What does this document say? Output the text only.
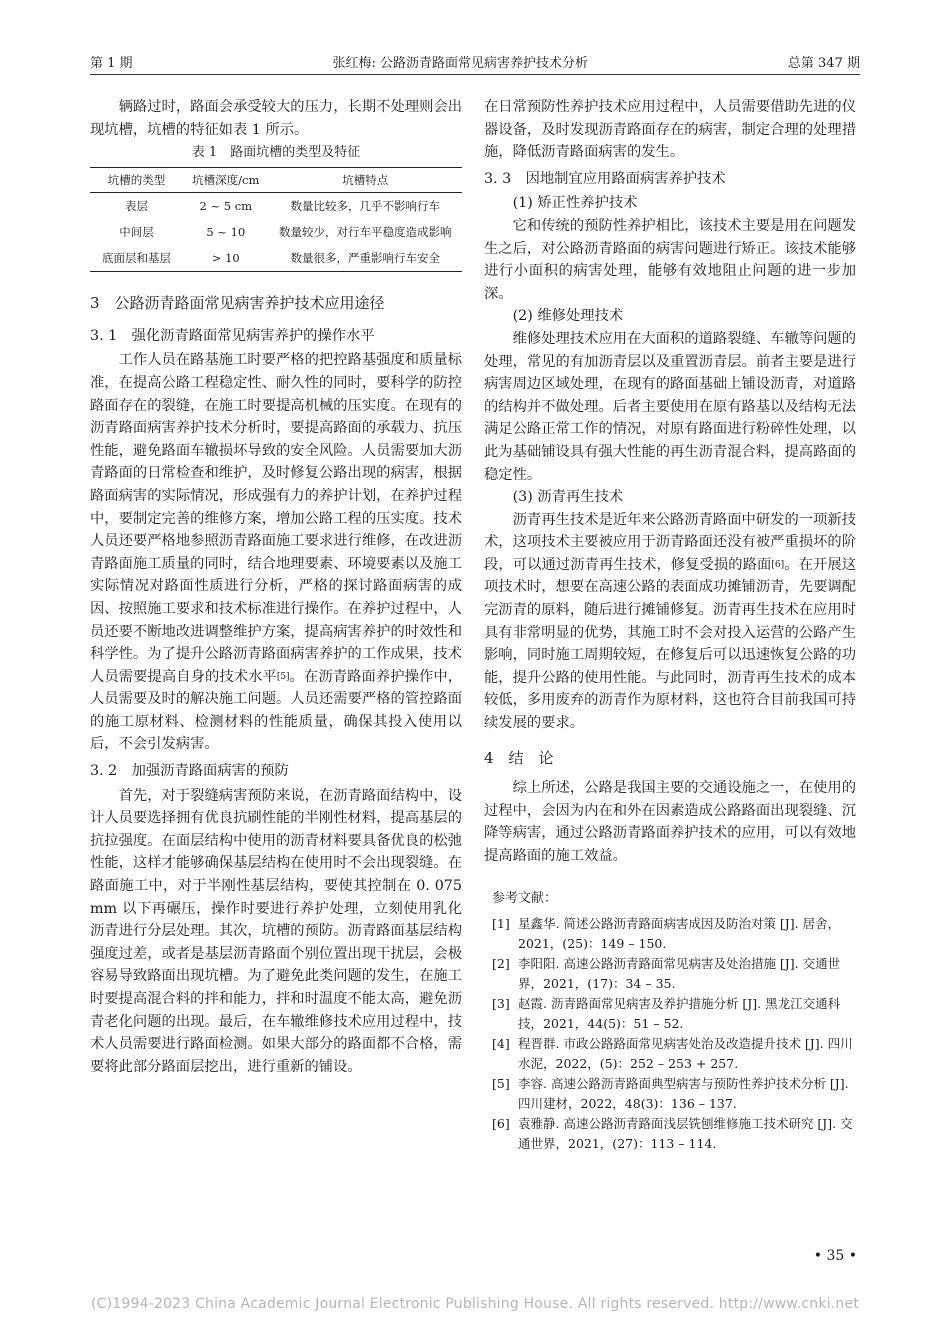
第 1 期	张红梅: 公路沥青路面常见病害养护技术分析	总第 347 期

辆路过时，路面会承受较大的压力，长期不处理则会出现坑槽，坑槽的特征如表 1 所示。

表 1　路面坑槽的类型及特征
坑槽的类型	坑槽深度/cm	坑槽特点
表层	2 ~ 5 cm	数量比较多，几乎不影响行车
中间层	5 ~ 10	数量较少，对行车平稳度造成影响
底面层和基层	> 10	数量很多，严重影响行车安全
3　公路沥青路面常见病害养护技术应用途径
3. 1　强化沥青路面常见病害养护的操作水平

工作人员在路基施工时要严格的把控路基强度和质量标准，在提高公路工程稳定性、耐久性的同时，要科学的防控路面存在的裂缝，在施工时要提高机械的压实度。在现有的沥青路面病害养护技术分析时，要提高路面的承载力、抗压性能，避免路面车辙损坏导致的安全风险。人员需要加大沥青路面的日常检查和维护，及时修复公路出现的病害，根据路面病害的实际情况，形成强有力的养护计划，在养护过程中，要制定完善的维修方案，增加公路工程的压实度。技术人员还要严格地参照沥青路面施工要求进行维修，在改进沥青路面施工质量的同时，结合地理要素、环境要素以及施工实际情况对路面性质进行分析，严格的探讨路面病害的成因、按照施工要求和技术标准进行操作。在养护过程中，人员还要不断地改进调整维护方案，提高病害养护的时效性和科学性。为了提升公路沥青路面病害养护的工作成果，技术人员需要提高自身的技术水平[5]。在沥青路面养护操作中，人员需要及时的解决施工问题。人员还需要严格的管控路面的施工原材料、检测材料的性能质量，确保其投入使用以后，不会引发病害。

3. 2　加强沥青路面病害的预防

首先，对于裂缝病害预防来说，在沥青路面结构中，设计人员要选择拥有优良抗刷性能的半刚性材料，提高基层的抗拉强度。在面层结构中使用的沥青材料要具备优良的松弛性能，这样才能够确保基层结构在使用时不会出现裂缝。在路面施工中，对于半刚性基层结构，要使其控制在 0. 075 mm 以下再碾压，操作时要进行养护处理，立刻使用乳化沥青进行分层处理。其次，坑槽的预防。沥青路面基层结构强度过差，或者是基层沥青路面个别位置出现干扰层，会极容易导致路面出现坑槽。为了避免此类问题的发生，在施工时要提高混合料的拌和能力，拌和时温度不能太高，避免沥青老化问题的出现。最后，在车辙维修技术应用过程中，技术人员需要进行路面检测。如果大部分的路面都不合格，需要将此部分路面层挖出，进行重新的铺设。

在日常预防性养护技术应用过程中，人员需要借助先进的仪器设备，及时发现沥青路面存在的病害，制定合理的处理措施，降低沥青路面病害的发生。

3. 3　因地制宜应用路面病害养护技术

(1) 矫正性养护技术

它和传统的预防性养护相比，该技术主要是用在问题发生之后，对公路沥青路面的病害问题进行矫正。该技术能够进行小面积的病害处理，能够有效地阻止问题的进一步加深。

(2) 维修处理技术

维修处理技术应用在大面积的道路裂缝、车辙等问题的处理，常见的有加沥青层以及重置沥青层。前者主要是进行病害周边区域处理，在现有的路面基础上铺设沥青，对道路的结构并不做处理。后者主要使用在原有路基以及结构无法满足公路正常工作的情况，对原有路面进行粉碎性处理，以此为基础铺设具有强大性能的再生沥青混合料，提高路面的稳定性。

(3) 沥青再生技术

沥青再生技术是近年来公路沥青路面中研发的一项新技术，这项技术主要被应用于沥青路面还没有被严重损坏的阶段，可以通过沥青再生技术，修复受损的路面[6]。在开展这项技术时，想要在高速公路的表面成功摊铺沥青，先要调配完沥青的原料，随后进行摊铺修复。沥青再生技术在应用时具有非常明显的优势，其施工时不会对投入运营的公路产生影响，同时施工周期较短，在修复后可以迅速恢复公路的功能，提升公路的使用性能。与此同时，沥青再生技术的成本较低，多用废弃的沥青作为原材料，这也符合目前我国可持续发展的要求。

4　结　论

综上所述，公路是我国主要的交通设施之一，在使用的过程中，会因为内在和外在因素造成公路路面出现裂缝、沉降等病害，通过公路沥青路面养护技术的应用，可以有效地提高路面的施工效益。

参考文献：
[1] 星鑫华. 简述公路沥青路面病害成因及防治对策 [J]. 居舍，2021，(25)：149 – 150.
[2] 李阳阳. 高速公路沥青路面常见病害及处治措施 [J]. 交通世界，2021，(17)：34 – 35.
[3] 赵霞. 沥青路面常见病害及养护措施分析 [J]. 黑龙江交通科技，2021，44(5)：51 – 52.
[4] 程晋群. 市政公路路面常见病害处治及改造提升技术 [J]. 四川水泥，2022，(5)：252 – 253 + 257.
[5] 李容. 高速公路沥青路面典型病害与预防性养护技术分析 [J]. 四川建材，2022，48(3)：136 – 137.
[6] 袁雅静. 高速公路沥青路面浅层铣刨维修施工技术研究 [J]. 交通世界，2021，(27)：113 – 114.
• 35 •
(C)1994-2023 China Academic Journal Electronic Publishing House. All rights reserved. http://www.cnki.net
